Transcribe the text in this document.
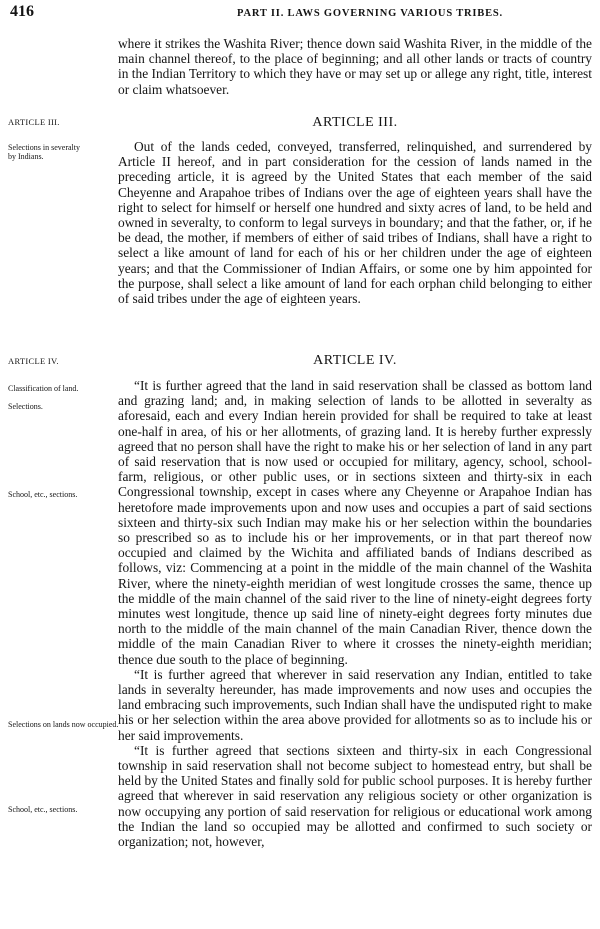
416	PART II. LAWS GOVERNING VARIOUS TRIBES.
ARTICLE III.
Selections in severalty by Indians.
ARTICLE IV.
Classification of land.
Selections.
School, etc., sections.
Selections on lands now occupied.
School, etc., sections.

where it strikes the Washita River; thence down said Washita River, in the middle of the main channel thereof, to the place of beginning; and all other lands or tracts of country in the Indian Territory to which they have or may set up or allege any right, title, interest or claim whatsoever.

ARTICLE III.

Out of the lands ceded, conveyed, transferred, relinquished, and surrendered by Article II hereof, and in part consideration for the cession of lands named in the preceding article, it is agreed by the United States that each member of the said Cheyenne and Arapahoe tribes of Indians over the age of eighteen years shall have the right to select for himself or herself one hundred and sixty acres of land, to be held and owned in severalty, to conform to legal surveys in boundary; and that the father, or, if he be dead, the mother, if members of either of said tribes of Indians, shall have a right to select a like amount of land for each of his or her children under the age of eighteen years; and that the Commissioner of Indian Affairs, or some one by him appointed for the purpose, shall select a like amount of land for each orphan child belonging to either of said tribes under the age of eighteen years.

ARTICLE IV.

“It is further agreed that the land in said reservation shall be classed as bottom land and grazing land; and, in making selection of lands to be allotted in severalty as aforesaid, each and every Indian herein provided for shall be required to take at least one-half in area, of his or her allotments, of grazing land. It is hereby further expressly agreed that no person shall have the right to make his or her selection of land in any part of said reservation that is now used or occupied for military, agency, school, school-farm, religious, or other public uses, or in sections sixteen and thirty-six in each Congressional township, except in cases where any Cheyenne or Arapahoe Indian has heretofore made improvements upon and now uses and occupies a part of said sections sixteen and thirty-six such Indian may make his or her selection within the boundaries so prescribed so as to include his or her improvements, or in that part thereof now occupied and claimed by the Wichita and affiliated bands of Indians described as follows, viz: Commencing at a point in the middle of the main channel of the Washita River, where the ninety-eighth meridian of west longitude crosses the same, thence up the middle of the main channel of the said river to the line of ninety-eight degrees forty minutes west longitude, thence up said line of ninety-eight degrees forty minutes due north to the middle of the main channel of the main Canadian River, thence down the middle of the main Canadian River to where it crosses the ninety-eighth meridian; thence due south to the place of beginning.

“It is further agreed that wherever in said reservation any Indian, entitled to take lands in severalty hereunder, has made improvements and now uses and occupies the land embracing such improvements, such Indian shall have the undisputed right to make his or her selection within the area above provided for allotments so as to include his or her said improvements.

“It is further agreed that sections sixteen and thirty-six in each Congressional township in said reservation shall not become subject to homestead entry, but shall be held by the United States and finally sold for public school purposes. It is hereby further agreed that wherever in said reservation any religious society or other organization is now occupying any portion of said reservation for religious or educational work among the Indian the land so occupied may be allotted and confirmed to such society or organization; not, however,
